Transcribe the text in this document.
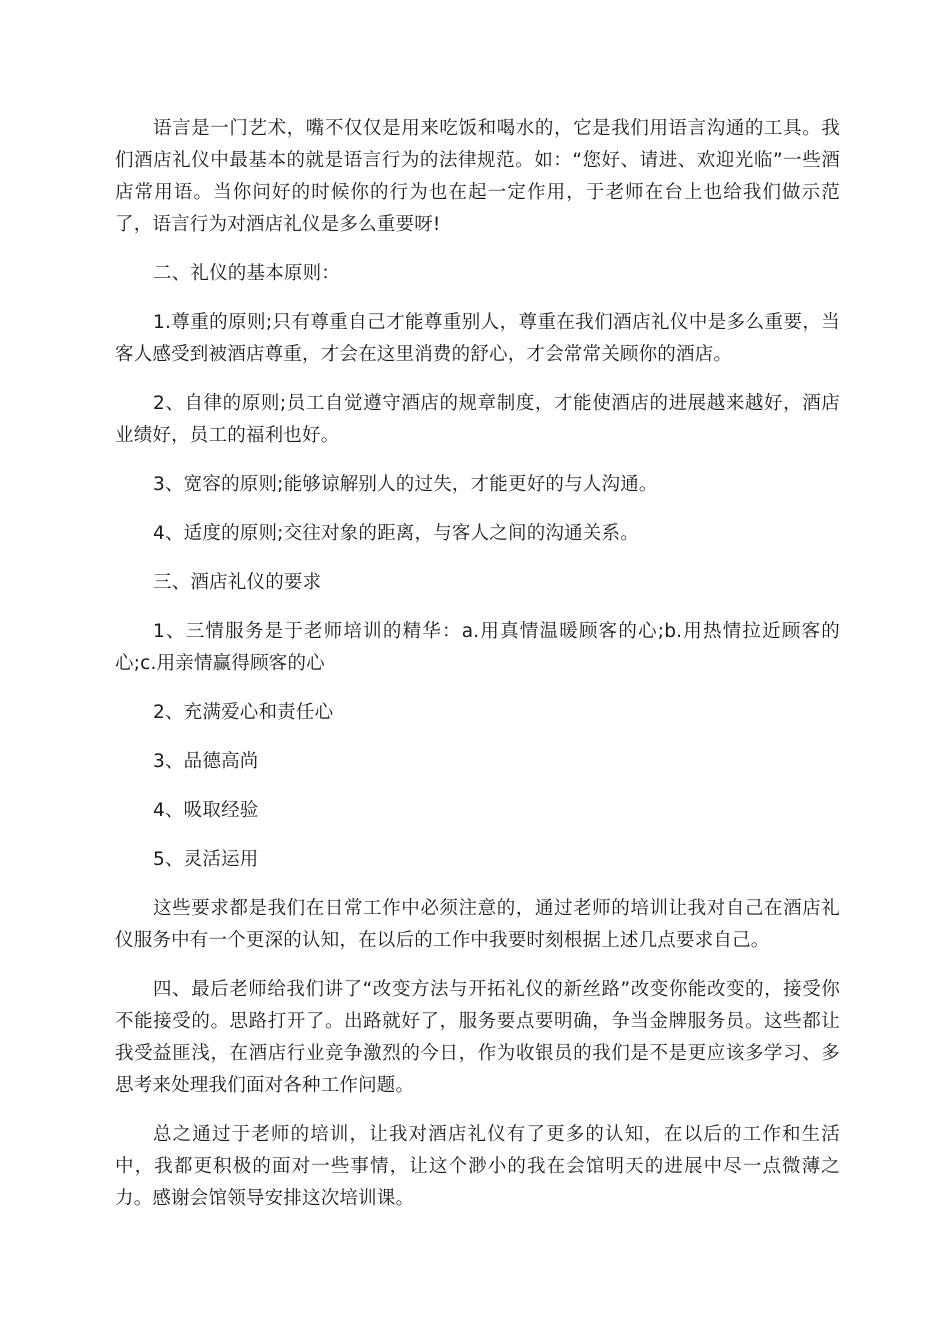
语言是一门艺术，嘴不仅仅是用来吃饭和喝水的，它是我们用语言沟通的工具。我们酒店礼仪中最基本的就是语言行为的法律规范。如：“您好、请进、欢迎光临”一些酒店常用语。当你问好的时候你的行为也在起一定作用，于老师在台上也给我们做示范了，语言行为对酒店礼仪是多么重要呀!

二、礼仪的基本原则：

1.尊重的原则;只有尊重自己才能尊重别人，尊重在我们酒店礼仪中是多么重要，当客人感受到被酒店尊重，才会在这里消费的舒心，才会常常关顾你的酒店。

2、自律的原则;员工自觉遵守酒店的规章制度，才能使酒店的进展越来越好，酒店业绩好，员工的福利也好。

3、宽容的原则;能够谅解别人的过失，才能更好的与人沟通。

4、适度的原则;交往对象的距离，与客人之间的沟通关系。

三、酒店礼仪的要求

1、三情服务是于老师培训的精华：a.用真情温暖顾客的心;b.用热情拉近顾客的心;c.用亲情赢得顾客的心

2、充满爱心和责任心

3、品德高尚

4、吸取经验

5、灵活运用

这些要求都是我们在日常工作中必须注意的，通过老师的培训让我对自己在酒店礼仪服务中有一个更深的认知，在以后的工作中我要时刻根据上述几点要求自己。

四、最后老师给我们讲了“改变方法与开拓礼仪的新丝路”改变你能改变的，接受你不能接受的。思路打开了。出路就好了，服务要点要明确，争当金牌服务员。这些都让我受益匪浅，在酒店行业竞争激烈的今日，作为收银员的我们是不是更应该多学习、多思考来处理我们面对各种工作问题。

总之通过于老师的培训，让我对酒店礼仪有了更多的认知，在以后的工作和生活中，我都更积极的面对一些事情，让这个渺小的我在会馆明天的进展中尽一点微薄之力。感谢会馆领导安排这次培训课。
